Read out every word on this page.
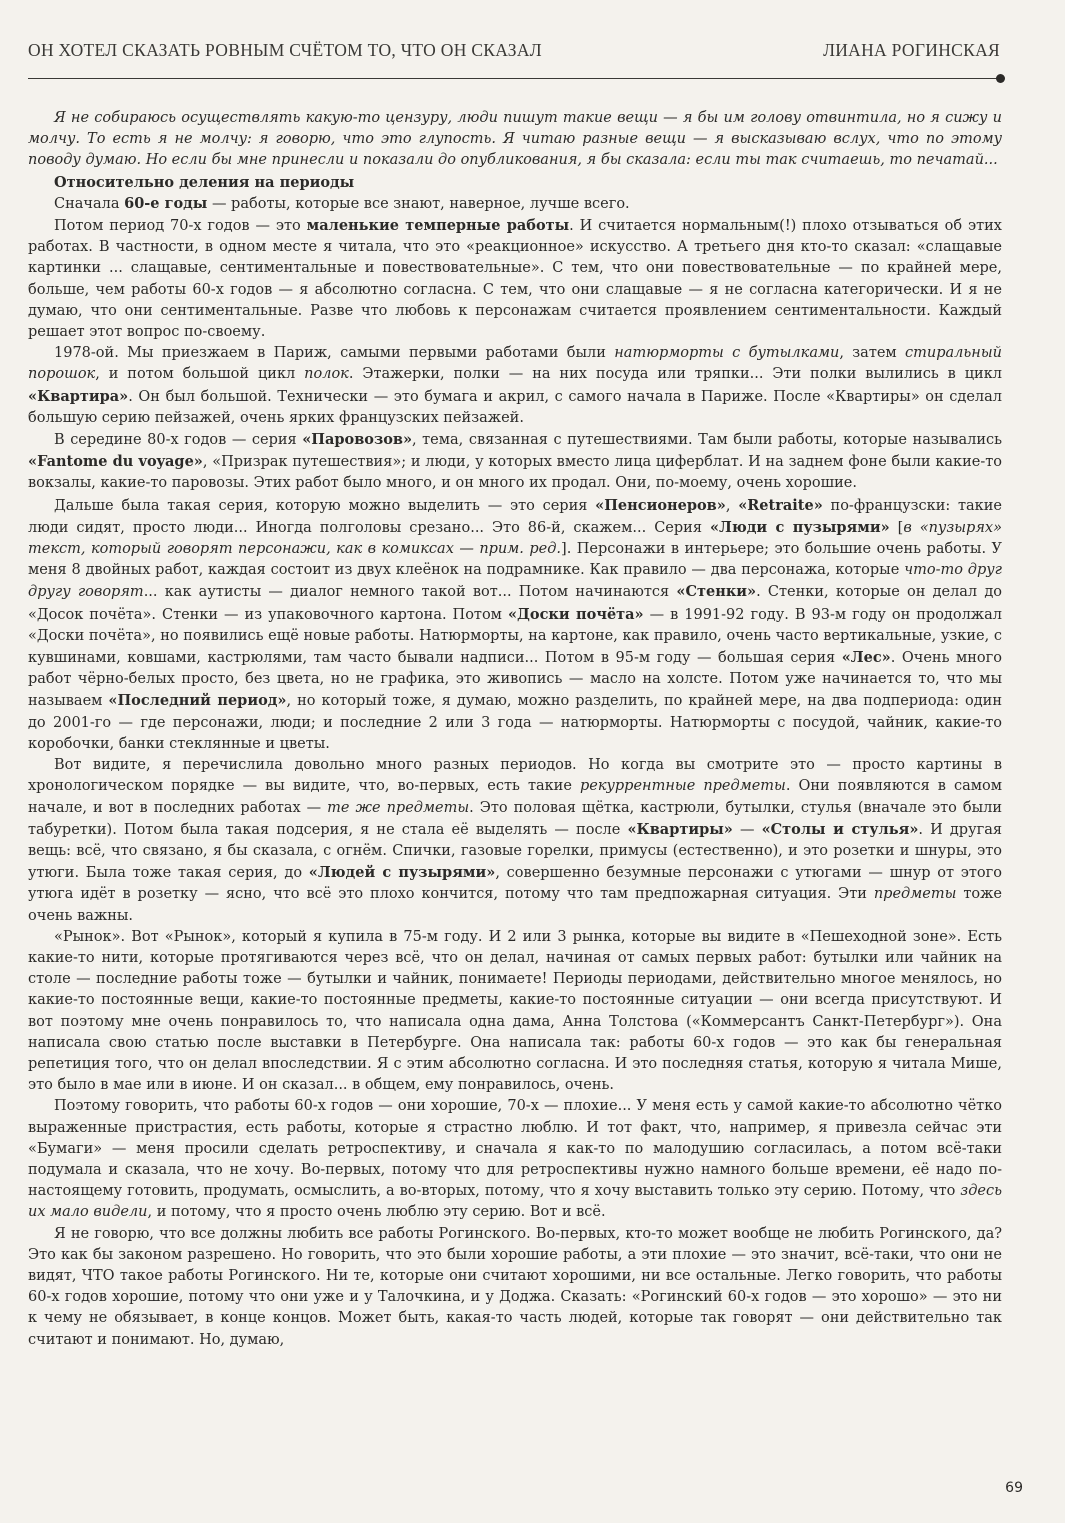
ОН ХОТЕЛ СКАЗАТЬ РОВНЫМ СЧЁТОМ ТО, ЧТО ОН СКАЗАЛ	ЛИАНА РОГИНСКАЯ

Я не собираюсь осуществлять какую-то цензуру, люди пишут такие вещи — я бы им голову отвинтила, но я сижу и молчу. То есть я не молчу: я говорю, что это глупость. Я читаю разные вещи — я высказываю вслух, что по этому поводу думаю. Но если бы мне принесли и показали до опубликования, я бы сказала: если ты так считаешь, то печатай...

Относительно деления на периоды

Сначала 60-е годы — работы, которые все знают, наверное, лучше всего.

Потом период 70-х годов — это маленькие темперные работы. И считается нормальным(!) плохо отзываться об этих работах. В частности, в одном месте я читала, что это «реакционное» искусство. А третьего дня кто-то сказал: «слащавые картинки ... слащавые, сентиментальные и повествовательные». С тем, что они повествовательные — по крайней мере, больше, чем работы 60-х годов — я абсолютно согласна. С тем, что они слащавые — я не согласна категорически. И я не думаю, что они сентиментальные. Разве что любовь к персонажам считается проявлением сентиментальности. Каждый решает этот вопрос по-своему.

1978-ой. Мы приезжаем в Париж, самыми первыми работами были натюрморты с бутылками, затем стиральный порошок, и потом большой цикл полок. Этажерки, полки — на них посуда или тряпки... Эти полки вылились в цикл «Квартира». Он был большой. Технически — это бумага и акрил, с самого начала в Париже. После «Квартиры» он сделал большую серию пейзажей, очень ярких французских пейзажей.

В середине 80-х годов — серия «Паровозов», тема, связанная с путешествиями. Там были работы, которые назывались «Fantome du voyage», «Призрак путешествия»; и люди, у которых вместо лица циферблат. И на заднем фоне были какие-то вокзалы, какие-то паровозы. Этих работ было много, и он много их продал. Они, по-моему, очень хорошие.

Дальше была такая серия, которую можно выделить — это серия «Пенсионеров», «Retraite» по-французски: такие люди сидят, просто люди... Иногда полголовы срезано... Это 86-й, скажем... Серия «Люди с пузырями» [в «пузырях» текст, который говорят персонажи, как в комиксах — прим. ред.]. Персонажи в интерьере; это большие очень работы. У меня 8 двойных работ, каждая состоит из двух клеёнок на подрамнике. Как правило — два персонажа, которые что-то друг другу говорят... как аутисты — диалог немного такой вот... Потом начинаются «Стенки». Стенки, которые он делал до «Досок почёта». Стенки — из упаковочного картона. Потом «Доски почёта» — в 1991-92 году. В 93-м году он продолжал «Доски почёта», но появились ещё новые работы. Натюрморты, на картоне, как правило, очень часто вертикальные, узкие, с кувшинами, ковшами, кастрюлями, там часто бывали надписи... Потом в 95-м году — большая серия «Лес». Очень много работ чёрно-белых просто, без цвета, но не графика, это живопись — масло на холсте. Потом уже начинается то, что мы называем «Последний период», но который тоже, я думаю, можно разделить, по крайней мере, на два подпериода: один до 2001-го — где персонажи, люди; и последние 2 или 3 года — натюрморты. Натюрморты с посудой, чайник, какие-то коробочки, банки стеклянные и цветы.

Вот видите, я перечислила довольно много разных периодов. Но когда вы смотрите это — просто картины в хронологическом порядке — вы видите, что, во-первых, есть такие рекуррентные предметы. Они появляются в самом начале, и вот в последних работах — те же предметы. Это половая щётка, кастрюли, бутылки, стулья (вначале это были табуретки). Потом была такая подсерия, я не стала её выделять — после «Квартиры» — «Столы и стулья». И другая вещь: всё, что связано, я бы сказала, с огнём. Спички, газовые горелки, примусы (естественно), и это розетки и шнуры, это утюги. Была тоже такая серия, до «Людей с пузырями», совершенно безумные персонажи с утюгами — шнур от этого утюга идёт в розетку — ясно, что всё это плохо кончится, потому что там предпожарная ситуация. Эти предметы тоже очень важны.

«Рынок». Вот «Рынок», который я купила в 75-м году. И 2 или 3 рынка, которые вы видите в «Пешеходной зоне». Есть какие-то нити, которые протягиваются через всё, что он делал, начиная от самых первых работ: бутылки или чайник на столе — последние работы тоже — бутылки и чайник, понимаете! Периоды периодами, действительно многое менялось, но какие-то постоянные вещи, какие-то постоянные предметы, какие-то постоянные ситуации — они всегда присутствуют. И вот поэтому мне очень понравилось то, что написала одна дама, Анна Толстова («Коммерсантъ Санкт-Петербург»). Она написала свою статью после выставки в Петербурге. Она написала так: работы 60-х годов — это как бы генеральная репетиция того, что он делал впоследствии. Я с этим абсолютно согласна. И это последняя статья, которую я читала Мише, это было в мае или в июне. И он сказал... в общем, ему понравилось, очень.

Поэтому говорить, что работы 60-х годов — они хорошие, 70-х — плохие... У меня есть у самой какие-то абсолютно чётко выраженные пристрастия, есть работы, которые я страстно люблю. И тот факт, что, например, я привезла сейчас эти «Бумаги» — меня просили сделать ретроспективу, и сначала я как-то по малодушию согласилась, а потом всё-таки подумала и сказала, что не хочу. Во-первых, потому что для ретроспективы нужно намного больше времени, её надо по-настоящему готовить, продумать, осмыслить, а во-вторых, потому, что я хочу выставить только эту серию. Потому, что здесь их мало видели, и потому, что я просто очень люблю эту серию. Вот и всё.

Я не говорю, что все должны любить все работы Рогинского. Во-первых, кто-то может вообще не любить Рогинского, да? Это как бы законом разрешено. Но говорить, что это были хорошие работы, а эти плохие — это значит, всё-таки, что они не видят, ЧТО такое работы Рогинского. Ни те, которые они считают хорошими, ни все остальные. Легко говорить, что работы 60-х годов хорошие, потому что они уже и у Талочкина, и у Доджа. Сказать: «Рогинский 60-х годов — это хорошо» — это ни к чему не обязывает, в конце концов. Может быть, какая-то часть людей, которые так говорят — они действительно так считают и понимают. Но, думаю,

69
